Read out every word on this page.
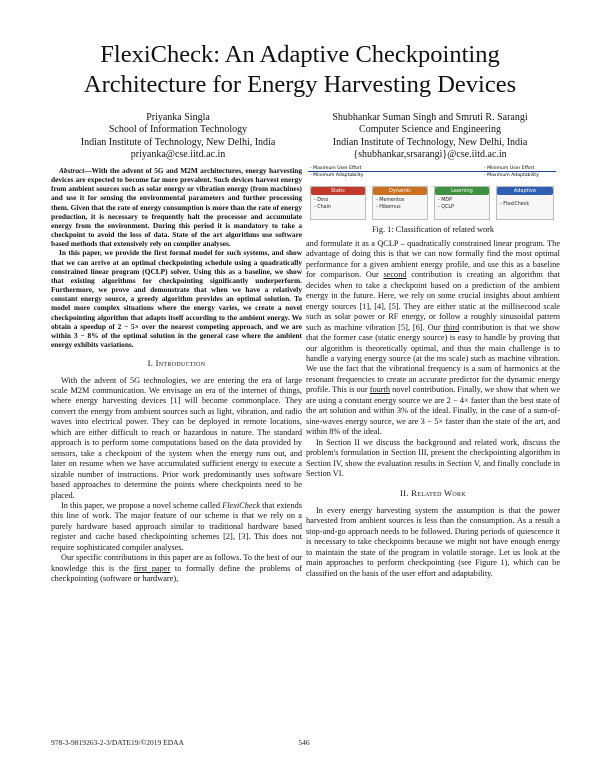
FlexiCheck: An Adaptive Checkpointing
Architecture for Energy Harvesting Devices
Priyanka Singla
School of Information Technology
Indian Institute of Technology, New Delhi, India
priyanka@cse.iitd.ac.in
Shubhankar Suman Singh and Smruti R. Sarangi
Computer Science and Engineering
Indian Institute of Technology, New Delhi, India
{shubhankar,srsarangi}@cse.iitd.ac.in

Abstract—With the advent of 5G and M2M architectures, energy harvesting devices are expected to become far more prevalent. Such devices harvest energy from ambient sources such as solar energy or vibration energy (from machines) and use it for sensing the environmental parameters and further processing them. Given that the rate of energy consumption is more than the rate of energy production, it is necessary to frequently halt the processor and accumulate energy from the environment. During this period it is mandatory to take a checkpoint to avoid the loss of data. State of the art algorithms use software based methods that extensively rely on compiler analyses.

In this paper, we provide the first formal model for such systems, and show that we can arrive at an optimal checkpointing schedule using a quadratically constrained linear program (QCLP) solver. Using this as a baseline, we show that existing algorithms for checkpointing significantly underperform. Furthermore, we prove and demonstrate that when we have a relatively constant energy source, a greedy algorithm provides an optimal solution. To model more complex situations where the energy varies, we create a novel checkpointing algorithm that adapts itself according to the ambient energy. We obtain a speedup of 2 − 5× over the nearest competing approach, and we are within 3 − 8% of the optimal solution in the general case where the ambient energy exhibits variations.

I. Introduction

With the advent of 5G technologies, we are entering the era of large scale M2M communication. We envisage an era of the internet of things, where energy harvesting devices [1] will become commonplace. They convert the energy from ambient sources such as light, vibration, and radio waves into electrical power. They can be deployed in remote locations, which are either difficult to reach or hazardous in nature. The standard approach is to perform some computations based on the data provided by sensors, take a checkpoint of the system when the energy runs out, and later on resume when we have accumulated sufficient energy to execute a sizable number of instructions. Prior work predominantly uses software based approaches to determine the points where checkpoints need to be placed.

In this paper, we propose a novel scheme called FlexiCheck that extends this line of work. The major feature of our scheme is that we rely on a purely hardware based approach similar to traditional hardware based register and cache based checkpointing schemes [2], [3]. This does not require sophisticated compiler analyses.

Our specific contributions in this paper are as follows. To the best of our knowledge this is the first paper to formally define the problems of checkpointing (software or hardware),

- Maximum User Effort
- Minimum Adaptability
- Minimum User Effort
- Maximum Adaptability
Static
- Dino
- Chain
Dynamic
- Mementos
- Hibernus
Learning
- MDP
- QCLP
Adaptive
- FlexiCheck
Fig. 1: Classification of related work

and formulate it as a QCLP – quadratically constrained linear program. The advantage of doing this is that we can now formally find the most optimal performance for a given ambient energy profile, and use this as a baseline for comparison. Our second contribution is creating an algorithm that decides when to take a checkpoint based on a prediction of the ambient energy in the future. Here, we rely on some crucial insights about ambient energy sources [1], [4], [5]. They are either static at the millisecond scale such as solar power or RF energy, or follow a roughly sinusoidal pattern such as machine vibration [5], [6]. Our third contribution is that we show that the former case (static energy source) is easy to handle by proving that our algorithm is theoretically optimal, and thus the main challenge is to handle a varying energy source (at the ms scale) such as machine vibration. We use the fact that the vibrational frequency is a sum of harmonics at the resonant frequencies to create an accurate predictor for the dynamic energy profile. This is our fourth novel contribution. Finally, we show that when we are using a constant energy source we are 2 − 4× faster than the best state of the art solution and within 3% of the ideal. Finally, in the case of a sum-of-sine-waves energy source, we are 3 − 5× faster than the state of the art, and within 8% of the ideal.

In Section II we discuss the background and related work, discuss the problem's formulation in Section III, present the checkpointing algorithm in Section IV, show the evaluation results in Section V, and finally conclude in Section VI.

II. Related Work

In every energy harvesting system the assumption is that the power harvested from ambient sources is less than the consumption. As a result a stop-and-go approach needs to be followed. During periods of quiescence it is necessary to take checkpoints because we might not have enough energy to maintain the state of the program in volatile storage. Let us look at the main approaches to perform checkpointing (see Figure 1), which can be classified on the basis of the user effort and adaptability.

978-3-9819263-2-3/DATE19/©2019 EDAA	546
